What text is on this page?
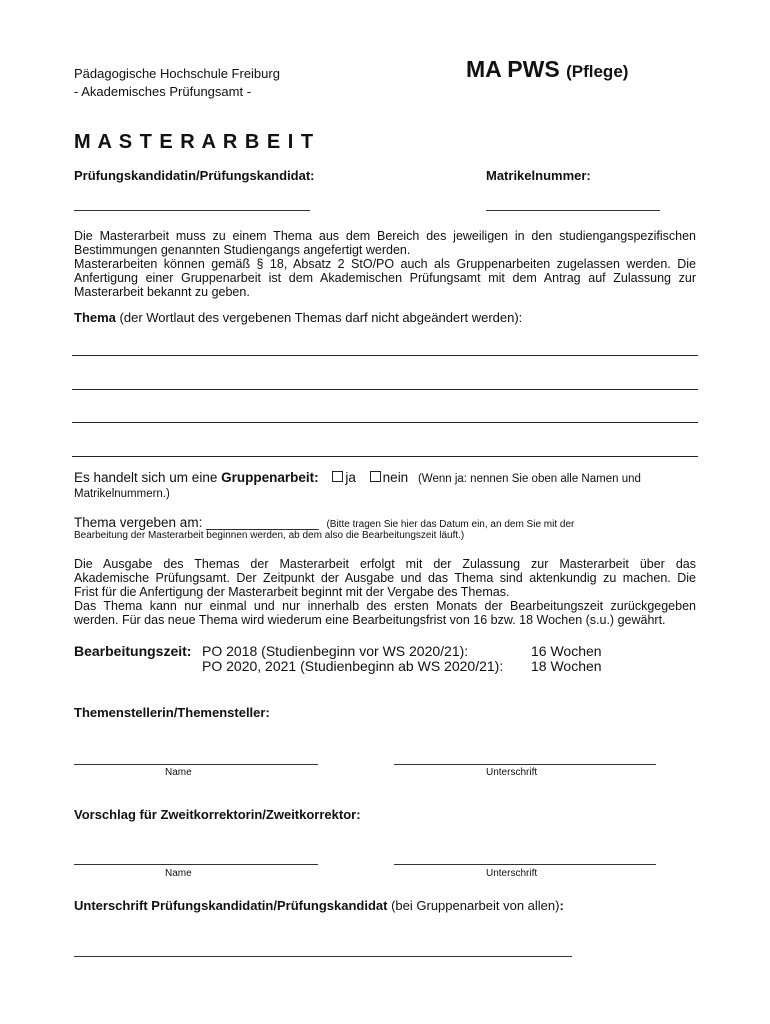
Pädagogische Hochschule Freiburg
- Akademisches Prüfungsamt -
MA PWS (Pflege)
M A S T E R A R B E I T
Prüfungskandidatin/Prüfungskandidat:	Matrikelnummer:
Die Masterarbeit muss zu einem Thema aus dem Bereich des jeweiligen in den studiengangspezifischen
Bestimmungen genannten Studiengangs angefertigt werden.
Masterarbeiten können gemäß § 18, Absatz 2 StO/PO auch als Gruppenarbeiten zugelassen werden. Die
Anfertigung einer Gruppenarbeit ist dem Akademischen Prüfungsamt mit dem Antrag auf Zulassung zur
Masterarbeit bekannt zu geben.
Thema (der Wortlaut des vergebenen Themas darf nicht abgeändert werden):
Es handelt sich um eine Gruppenarbeit: ja nein (Wenn ja: nennen Sie oben alle Namen und
Matrikelnummern.)
Thema vergeben am: _______________ (Bitte tragen Sie hier das Datum ein, an dem Sie mit der
Bearbeitung der Masterarbeit beginnen werden, ab dem also die Bearbeitungszeit läuft.)
Die Ausgabe des Themas der Masterarbeit erfolgt mit der Zulassung zur Masterarbeit über das
Akademische Prüfungsamt. Der Zeitpunkt der Ausgabe und das Thema sind aktenkundig zu machen. Die
Frist für die Anfertigung der Masterarbeit beginnt mit der Vergabe des Themas.
Das Thema kann nur einmal und nur innerhalb des ersten Monats der Bearbeitungszeit zurückgegeben
werden. Für das neue Thema wird wiederum eine Bearbeitungsfrist von 16 bzw. 18 Wochen (s.u.) gewährt.
Bearbeitungszeit: PO 2018 (Studienbeginn vor WS 2020/21):	16 Wochen
PO 2020, 2021 (Studienbeginn ab WS 2020/21): 18 Wochen
Themenstellerin/Themensteller:
Name	Unterschrift
Vorschlag für Zweitkorrektorin/Zweitkorrektor:
Name	Unterschrift
Unterschrift Prüfungskandidatin/Prüfungskandidat (bei Gruppenarbeit von allen):
